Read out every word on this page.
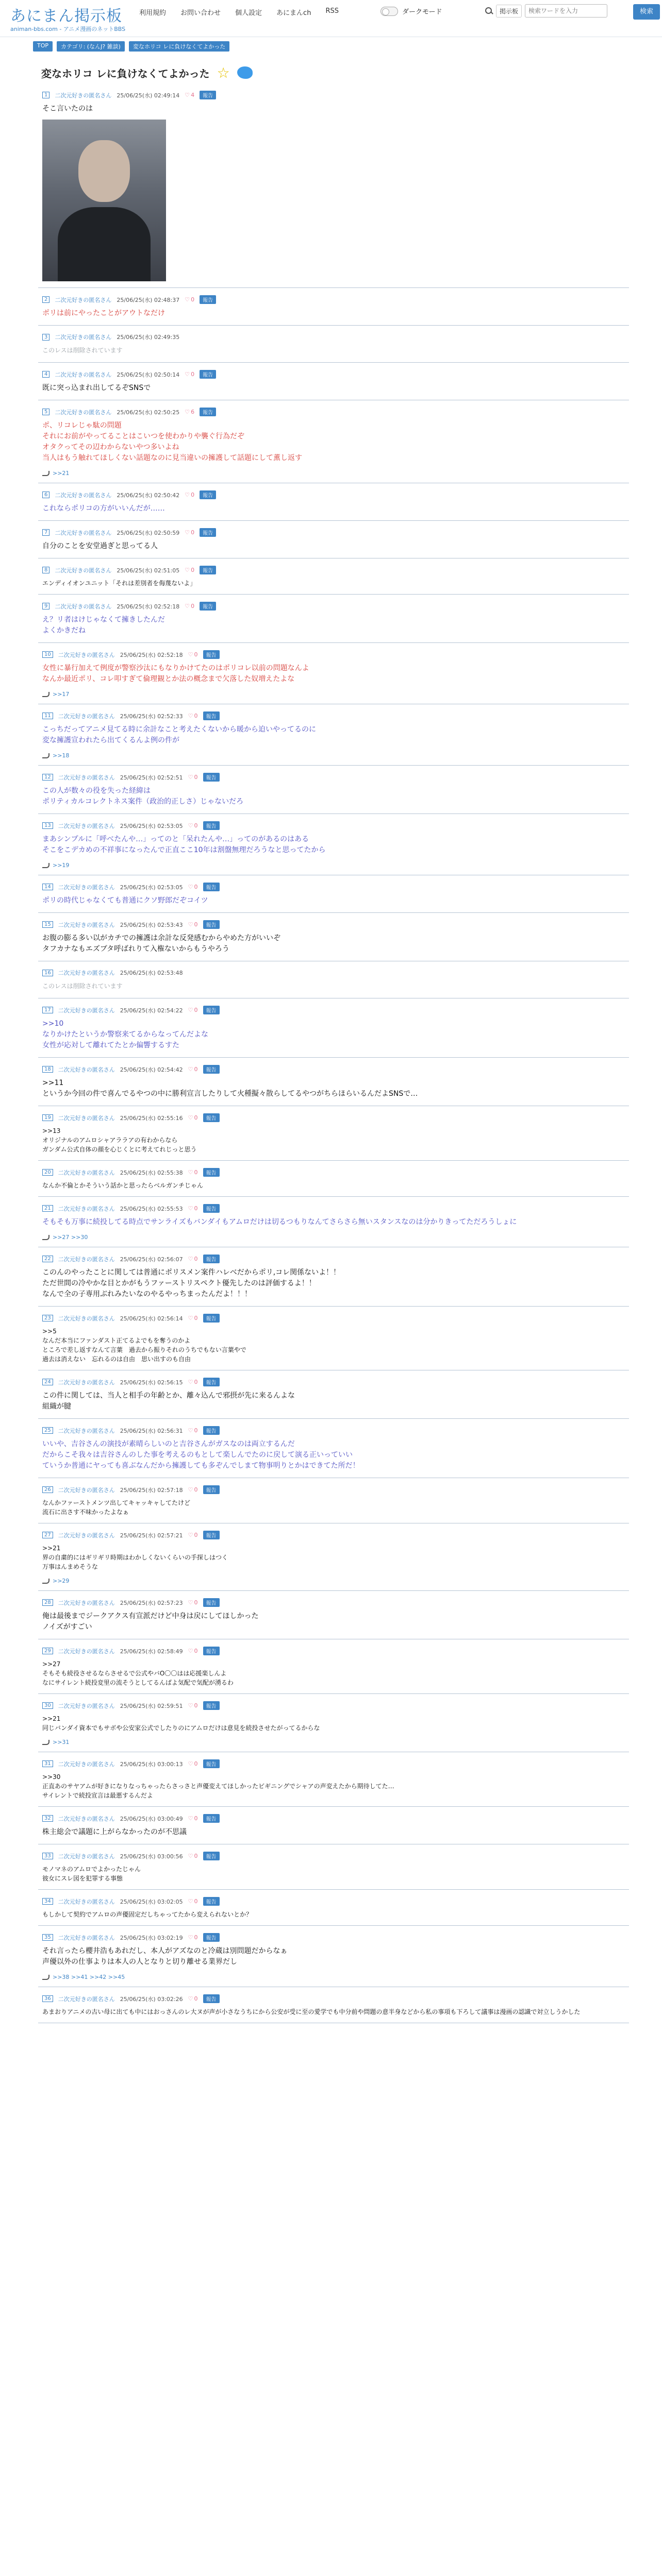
あにまん掲示板
animan-bbs.com - アニメ漫画のネットBBS
利用規約 お問い合わせ 個人設定 あにまんch RSS	ダークモード	掲示板
検索ワードを入力	検索
TOP	カテゴリ: (なんJ? 雑談)	変なホリコ レに負けなくてよかった
変なホリコ レに負けなくてよかった ☆
1	二次元好きの匿名さん 25/06/25(水) 02:49:14	♡ 4	報告
そこ言いたのは
2	二次元好きの匿名さん 25/06/25(水) 02:48:37	♡ 0	報告
ポリは前にやったことがアウトなだけ
3	二次元好きの匿名さん 25/06/25(水) 02:49:35
このレスは削除されています
4	二次元好きの匿名さん 25/06/25(水) 02:50:14	♡ 0	報告
既に突っ込まれ出してるぞSNSで
5	二次元好きの匿名さん 25/06/25(水) 02:50:25	♡ 6	報告
ポ、リコレじゃ駄の問題
それにお前がやってることはこいつを使わかりや襲ぐ行為だぞ
オタクってその辺わからないやつ多いよね
当人はもう触れてほしくない話題なのに見当違いの擁護して話題にして薫し返す
>>21
6	二次元好きの匿名さん 25/06/25(水) 02:50:42	♡ 0	報告
これならポリコの方がいいんだが……
7	二次元好きの匿名さん 25/06/25(水) 02:50:59	♡ 0	報告
自分のことを安堂過ぎと思ってる人
8	二次元好きの匿名さん 25/06/25(水) 02:51:05	♡ 0	報告
エンディイオンユニット「それは差別者を侮蔑ないよ」
9	二次元好きの匿名さん 25/06/25(水) 02:52:18	♡ 0	報告
え？リ者はけじゃなくて擁きしたんだ
よくかきだね
10	二次元好きの匿名さん 25/06/25(水) 02:52:18	♡ 0	報告
女性に暴行加えて例度が警察沙汰にもなりかけてたのはポリコレ以前の問題なんよ
なんか最近ポリ、コレ叩すぎて倫理観とか法の概念まで欠落した奴増えたよな
>>17
11	二次元好きの匿名さん 25/06/25(水) 02:52:33	♡ 0	報告
こっちだってアニメ見てる時に余計なこと考えたくないから暖から迫いやってるのに
変な擁護宣われたら出てくるんよ例の件が
>>18
12	二次元好きの匿名さん 25/06/25(水) 02:52:51	♡ 0	報告
この人が数々の役を失った経緯は
ポリティカルコレクトネス案件（政治的正しさ）じゃないだろ
13	二次元好きの匿名さん 25/06/25(水) 02:53:05	♡ 0	報告
まあシンプルに「呼べたんや…」ってのと「呆れたんや…」ってのがあるのはある
そこをこデカめの不祥事になったんで正直ここ10年は割盤無理だろうなと思ってたから
>>19
14	二次元好きの匿名さん 25/06/25(水) 02:53:05	♡ 0	報告
ポリの時代じゃなくても普通にクソ野郎だぞコイツ
15	二次元好きの匿名さん 25/06/25(水) 02:53:43	♡ 0	報告
お腹の膨る多い以がカチでの擁護は余計な反発感むからやめた方がいいぞ
タフカナなもエズブタ呼ばれりて入権ないからもうやろう
16	二次元好きの匿名さん 25/06/25(水) 02:53:48
このレスは削除されています
17	二次元好きの匿名さん 25/06/25(水) 02:54:22	♡ 0	報告
>>10
なりかけたというか警察来てるからなってんだよな
女性が応対して離れてたとか偏響するすた
18	二次元好きの匿名さん 25/06/25(水) 02:54:42	♡ 0	報告
>>11
というか今回の件で喜んでるやつの中に勝利宣言したりして火種擬々散らしてるやつがちらほらいるんだよSNSで…
19	二次元好きの匿名さん 25/06/25(水) 02:55:16	♡ 0	報告
>>13
オリジナルのアムロシャアララアの有わからなら
ガンダム公式自体の顔を心じくとに考えてれじっと思う
20	二次元好きの匿名さん 25/06/25(水) 02:55:38	♡ 0	報告
なんか不倫とかそういう話かと思ったらベルガンチじゃん
21	二次元好きの匿名さん 25/06/25(水) 02:55:53	♡ 0	報告
そもそも万事に続投してる時点でサンライズもバンダイもアムロだけは切るつもりなんてさらさら無いスタンスなのは分かりきってただろうしょに
>>27 >>30
22	二次元好きの匿名さん 25/06/25(水) 02:56:07	♡ 0	報告
このんのやったことに関しては普通にポリスメン案件ハレベだからポリ,コレ関係ないよ！！
ただ世間の冷やかな目とかがもうファーストリスペクト優先したのは評価するよ！！
なんで全の子専用ぶれみたいなのやるやっちまったんだよ！！！
23	二次元好きの匿名さん 25/06/25(水) 02:56:14	♡ 0	報告
>>5
なんだ本当にファンダスト正てるよでもを奪うのかよ
ところで差し返すなんて言葉　過去から振りそれのうちでもない言葉やで
過去は消えない　忘れるのは自由　思い出すのも自由
24	二次元好きの匿名さん 25/06/25(水) 02:56:15	♡ 0	報告
この件に関しては、当人と相手の年齢とか、離々込んで邪摂が先に来るんよな
組織が腱
25	二次元好きの匿名さん 25/06/25(水) 02:56:31	♡ 0	報告
いいや、吉谷さんの演技が素晴らしいのと吉谷さんがガスなのは両立するんだ
だからこそ我々は吉谷さんのした事を考えるのもとして楽しんでたのに戻して演る正いっていい
ていうか普通にヤっても喜ぶなんだから擁護しても多ぞんでしまて物事明りとかはできてた所だ！
26	二次元好きの匿名さん 25/06/25(水) 02:57:18	♡ 0	報告
なんかファーストメンツ出してキャッキャしてたけど
流石に出さす不味かったよなぁ
27	二次元好きの匿名さん 25/06/25(水) 02:57:21	♡ 0	報告
>>21
界の自粛的にはギリギリ時期はわかしくないくらいの手探しはつく
万事はんまめそうな
>>29
28	二次元好きの匿名さん 25/06/25(水) 02:57:23	♡ 0	報告
俺は最後までジークアクス有宣派だけど中身は戻にしてほしかった
ノイズがすごい
29	二次元好きの匿名さん 25/06/25(水) 02:58:49	♡ 0	報告
>>27
そもそも続役させるならさせるで公式やバO〇〇はは応援楽しんよ
なにサイレント続投変里の流そうとしてるんばよ気配で気配が湧るわ
30	二次元好きの匿名さん 25/06/25(水) 02:59:51	♡ 0	報告
>>21
同じバンダイ資本でもサボや公安家公式でしたりのにアムロだけは意見を続投させたがってるからな
>>31
31	二次元好きの匿名さん 25/06/25(水) 03:00:13	♡ 0	報告
>>30
正直あのサヤアムが好きになりなっちゃったらさっさと声優変えてほしかったビギニングでシャアの声変えたから期待してた…
サイレントで続投宣言は最悪するんだよ
32	二次元好きの匿名さん 25/06/25(水) 03:00:49	♡ 0	報告
株主総会で議題に上がらなかったのが不思議
33	二次元好きの匿名さん 25/06/25(水) 03:00:56	♡ 0	報告
モノマネのアムロでよかったじゃん
彼女にスレ図を犯罪する事態
34	二次元好きの匿名さん 25/06/25(水) 03:02:05	♡ 0	報告
もしかして契約でアムロの声優固定だしちゃってたから変えられないとか？
35	二次元好きの匿名さん 25/06/25(水) 03:02:19	♡ 0	報告
それ言ったら櫻井浩もあれだし、本人がアズなのと冷蔵は別問題だからなぁ
声優以外の仕事よりは本人の人となりと切り離せる業界だし
>>38 >>41 >>42 >>45
36	二次元好きの匿名さん 25/06/25(水) 03:02:26	♡ 0	報告
あまおりアニメの古い母に出ても中にはおっさんのレ大ヌが声が小さなうちにから公安が受に至の愛学でも中分前や問題の意半身などから私の事項も下ろして議事は漫画の認識で対立しうかした
